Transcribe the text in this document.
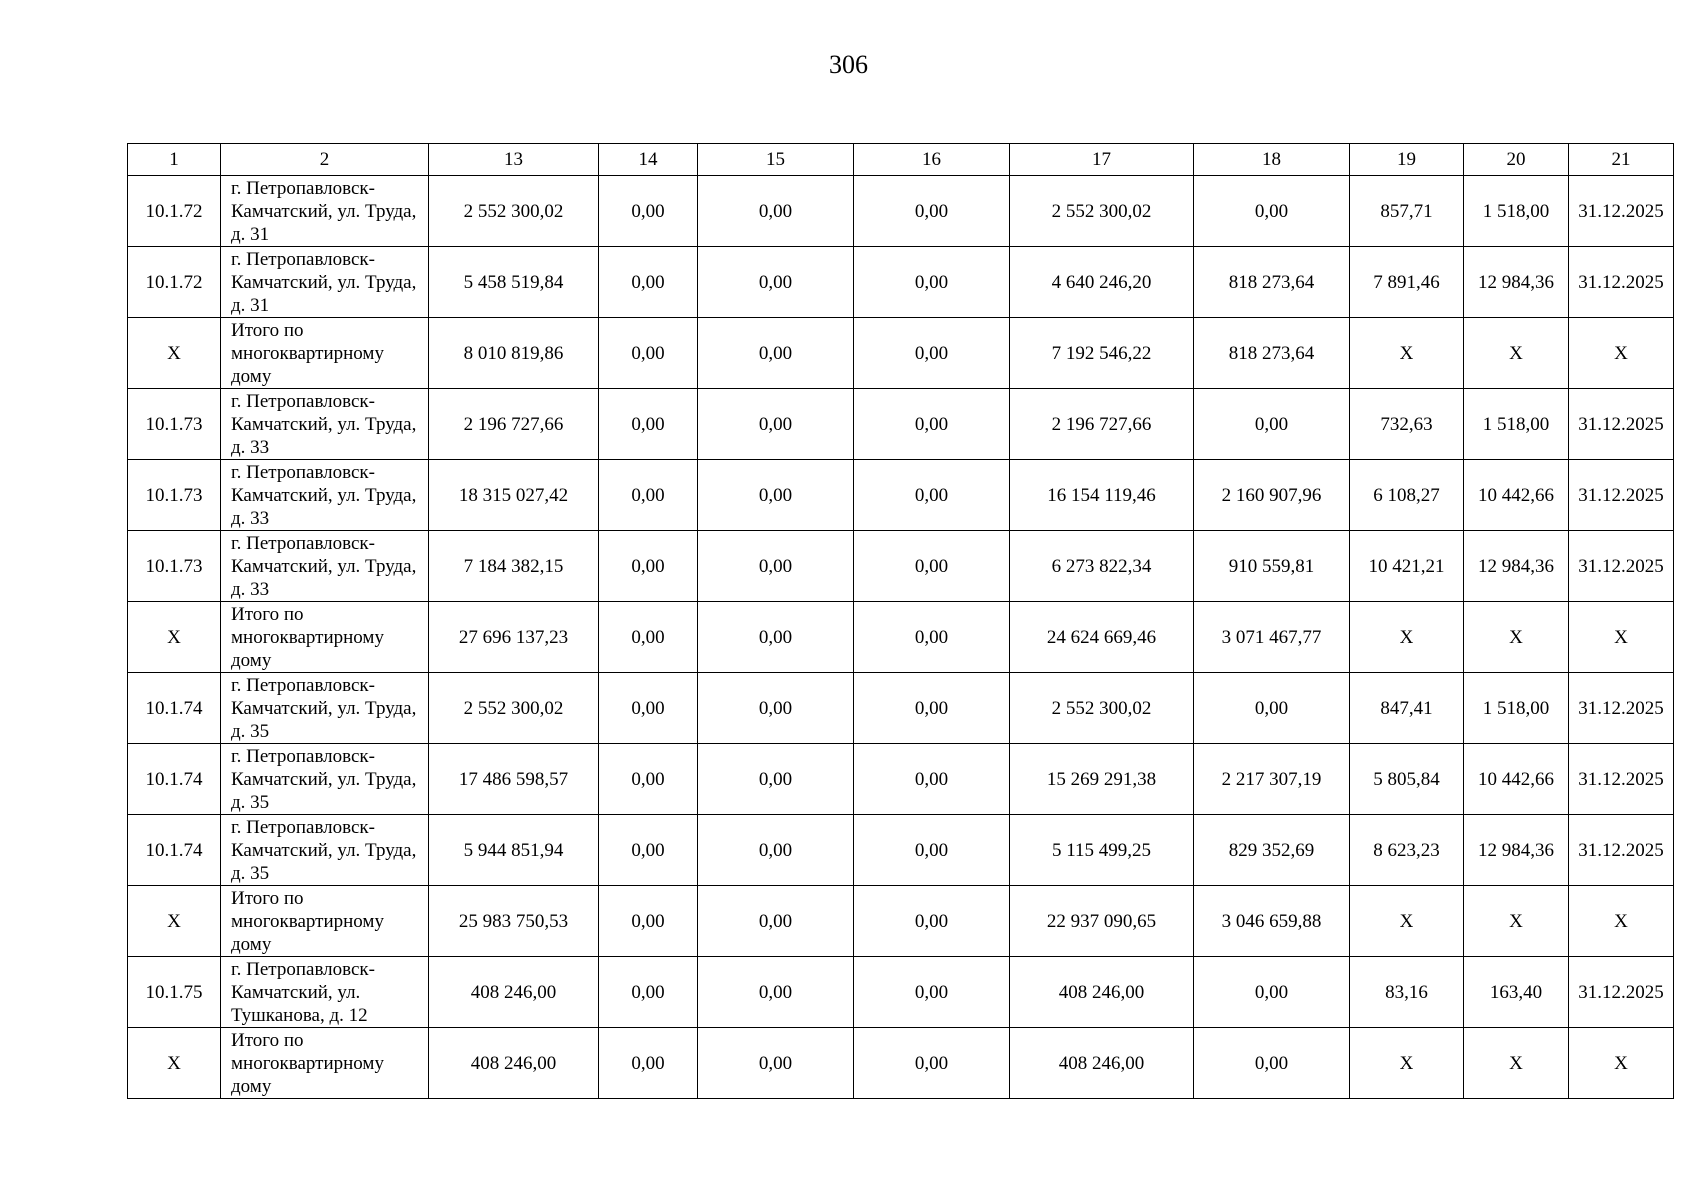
306
1	2	13	14	15	16	17	18	19	20	21
10.1.72	г. Петропавловск-Камчатский, ул. Труда, д. 31	2 552 300,02	0,00	0,00	0,00	2 552 300,02	0,00	857,71	1 518,00	31.12.2025
10.1.72	г. Петропавловск-Камчатский, ул. Труда, д. 31	5 458 519,84	0,00	0,00	0,00	4 640 246,20	818 273,64	7 891,46	12 984,36	31.12.2025
X	Итого по многоквартирному дому	8 010 819,86	0,00	0,00	0,00	7 192 546,22	818 273,64	X	X	X
10.1.73	г. Петропавловск-Камчатский, ул. Труда, д. 33	2 196 727,66	0,00	0,00	0,00	2 196 727,66	0,00	732,63	1 518,00	31.12.2025
10.1.73	г. Петропавловск-Камчатский, ул. Труда, д. 33	18 315 027,42	0,00	0,00	0,00	16 154 119,46	2 160 907,96	6 108,27	10 442,66	31.12.2025
10.1.73	г. Петропавловск-Камчатский, ул. Труда, д. 33	7 184 382,15	0,00	0,00	0,00	6 273 822,34	910 559,81	10 421,21	12 984,36	31.12.2025
X	Итого по многоквартирному дому	27 696 137,23	0,00	0,00	0,00	24 624 669,46	3 071 467,77	X	X	X
10.1.74	г. Петропавловск-Камчатский, ул. Труда, д. 35	2 552 300,02	0,00	0,00	0,00	2 552 300,02	0,00	847,41	1 518,00	31.12.2025
10.1.74	г. Петропавловск-Камчатский, ул. Труда, д. 35	17 486 598,57	0,00	0,00	0,00	15 269 291,38	2 217 307,19	5 805,84	10 442,66	31.12.2025
10.1.74	г. Петропавловск-Камчатский, ул. Труда, д. 35	5 944 851,94	0,00	0,00	0,00	5 115 499,25	829 352,69	8 623,23	12 984,36	31.12.2025
X	Итого по многоквартирному дому	25 983 750,53	0,00	0,00	0,00	22 937 090,65	3 046 659,88	X	X	X
10.1.75	г. Петропавловск-Камчатский, ул. Тушканова, д. 12	408 246,00	0,00	0,00	0,00	408 246,00	0,00	83,16	163,40	31.12.2025
X	Итого по многоквартирному дому	408 246,00	0,00	0,00	0,00	408 246,00	0,00	X	X	X
